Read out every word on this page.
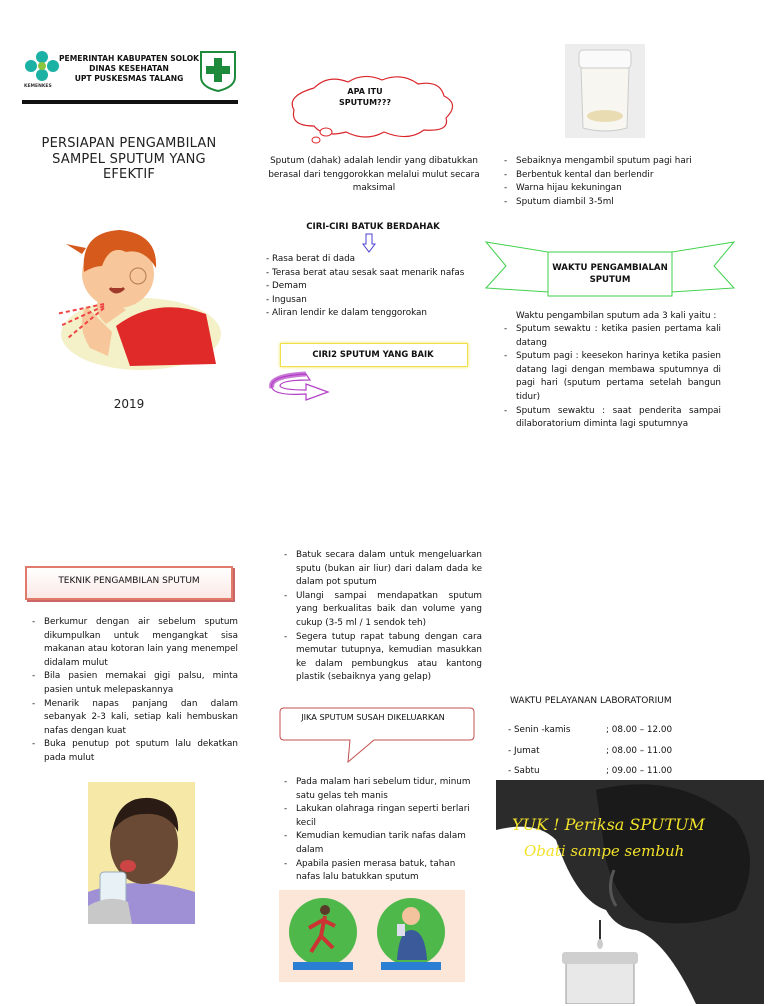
KEMENKES
PEMERINTAH KABUPATEN SOLOK
DINAS KESEHATAN
UPT PUSKESMAS TALANG
PERSIAPAN PENGAMBILAN SAMPEL SPUTUM YANG EFEKTIF
2019
APA ITU SPUTUM???
Sputum (dahak) adalah lendir yang dibatukkan berasal dari tenggorokkan melalui mulut secara maksimal
CIRI-CIRI BATUK BERDAHAK
- Rasa berat di dada
- Terasa berat atau sesak saat menarik nafas
- Demam
- Ingusan
- Aliran lendir ke dalam tenggorokan
CIRI2 SPUTUM YANG BAIK
- Sebaiknya mengambil sputum pagi hari
- Berbentuk kental dan berlendir
- Warna hijau kekuningan
- Sputum diambil 3-5ml
WAKTU PENGAMBIALAN SPUTUM
Waktu pengambilan sputum ada 3 kali yaitu :
- Sputum sewaktu : ketika pasien pertama kali datang
- Sputum pagi : keesekon harinya ketika pasien datang lagi dengan membawa sputumnya di pagi hari (sputum pertama setelah bangun tidur)
- Sputum sewaktu : saat penderita sampai dilaboratorium diminta lagi sputumnya
TEKNIK PENGAMBILAN SPUTUM
- Berkumur dengan air sebelum sputum dikumpulkan untuk mengangkat sisa makanan atau kotoran lain yang menempel didalam mulut
- Bila pasien memakai gigi palsu, minta pasien untuk melepaskannya
- Menarik napas panjang dan dalam sebanyak 2-3 kali, setiap kali hembuskan nafas dengan kuat
- Buka penutup pot sputum lalu dekatkan pada mulut
- Batuk secara dalam untuk mengeluarkan sputu (bukan air liur) dari dalam dada ke dalam pot sputum
- Ulangi sampai mendapatkan sputum yang berkualitas baik dan volume yang cukup (3-5 ml / 1 sendok teh)
- Segera tutup rapat tabung dengan cara memutar tutupnya, kemudian masukkan ke dalam pembungkus atau kantong plastik (sebaiknya yang gelap)
JIKA SPUTUM SUSAH DIKELUARKAN
- Pada malam hari sebelum tidur, minum satu gelas teh manis
- Lakukan olahraga ringan seperti berlari kecil
- Kemudian kemudian tarik nafas dalam dalam
- Apabila pasien merasa batuk, tahan nafas lalu batukkan sputum
WAKTU PELAYANAN LABORATORIUM
- Senin -kamis	; 08.00 – 12.00
- Jumat	; 08.00 – 11.00
- Sabtu	; 09.00 – 11.00
YUK ! Periksa SPUTUM
Obati sampe sembuh
